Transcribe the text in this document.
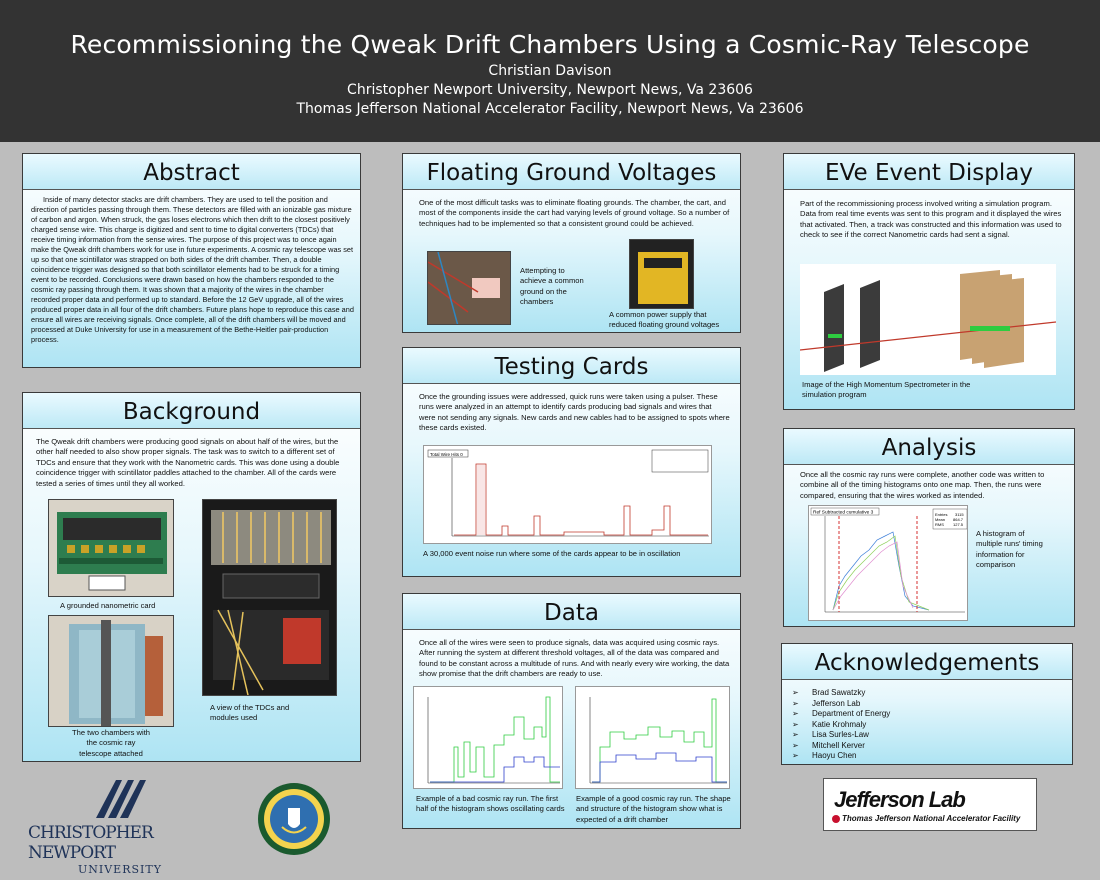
Recommissioning the Qweak Drift Chambers Using a Cosmic-Ray Telescope
Christian Davison
Christopher Newport University, Newport News, Va 23606
Thomas Jefferson National Accelerator Facility, Newport News, Va 23606
Abstract
Inside of many detector stacks are drift chambers. They are used to tell the position and direction of particles passing through them. These detectors are filled with an ionizable gas mixture of carbon and argon. When struck, the gas loses electrons which then drift to the closest positively charged sense wire. This charge is digitized and sent to time to digital converters (TDCs) that receive timing information from the sense wires. The purpose of this project was to once again make the Qweak drift chambers work for use in future experiments. A cosmic ray telescope was set up so that one scintillator was strapped on both sides of the drift chamber. Then, a double coincidence trigger was designed so that both scintillator elements had to be struck for a timing event to be recorded. Conclusions were drawn based on how the chambers responded to the cosmic ray passing through them. It was shown that a majority of the wires in the chamber recorded proper data and performed up to standard. Before the 12 GeV upgrade, all of the wires produced proper data in all four of the drift chambers. Future plans hope to reproduce this case and ensure all wires are receiving signals. Once complete, all of the drift chambers will be moved and processed at Duke University for use in a measurement of the Bethe-Heitler pair-production process.
Background
The Qweak drift chambers were producing good signals on about half of the wires, but the other half needed to also show proper signals. The task was to switch to a different set of TDCs and ensure that they work with the Nanometric cards. This was done using a double coincidence trigger with scintillator paddles attached to the chamber. All of the cards were tested a series of times until they all worked.
A grounded nanometric card
The two chambers with the cosmic ray telescope attached
A view of the TDCs and modules used
Floating Ground Voltages
One of the most difficult tasks was to eliminate floating grounds. The chamber, the cart, and most of the components inside the cart had varying levels of ground voltage. So a number of techniques had to be implemented so that a consistent ground could be achieved.
Attempting to achieve a common ground on the chambers
A common power supply that reduced floating ground voltages
Testing Cards
Once the grounding issues were addressed, quick runs were taken using a pulser. These runs were analyzed in an attempt to identify cards producing bad signals and wires that were not sending any signals. New cards and new cables had to be assigned to spots where these cards existed.
Total Wire Hits 0
A 30,000 event noise run where some of the cards appear to be in oscillation
Data
Once all of the wires were seen to produce signals, data was acquired using cosmic rays. After running the system at different threshold voltages, all of the data was compared and found to be constant across a multitude of runs. And with nearly every wire working, the data show promise that the drift chambers are ready to use.
Example of a bad cosmic ray run. The first half of the histogram shows oscillating cards
Example of a good cosmic ray run. The shape and structure of the histogram show what is expected of a drift chamber
EVe Event Display
Part of the recommissioning process involved writing a simulation program. Data from real time events was sent to this program and it displayed the wires that activated. Then, a track was constructed and this information was used to check to see if the correct Nanometric cards had sent a signal.
Image of the High Momentum Spectrometer in the simulation program
Analysis
Once all the cosmic ray runs were complete, another code was written to combine all of the timing histograms onto one map. Then, the runs were compared, ensuring that the wires worked as intended.
Ref Subtracted cumulative 3	Entries 3115
Mean 864.7
RMS 127.5
A histogram of multiple runs' timing information for comparison
Acknowledgements
➢	Brad Sawatzky
➢	Jefferson Lab
➢	Department of Energy
➢	Katie Krohmaly
➢	Lisa Surles-Law
➢	Mitchell Kerver
➢	Haoyu Chen
CHRISTOPHER NEWPORT
UNIVERSITY
Jefferson Lab
Thomas Jefferson National Accelerator Facility
